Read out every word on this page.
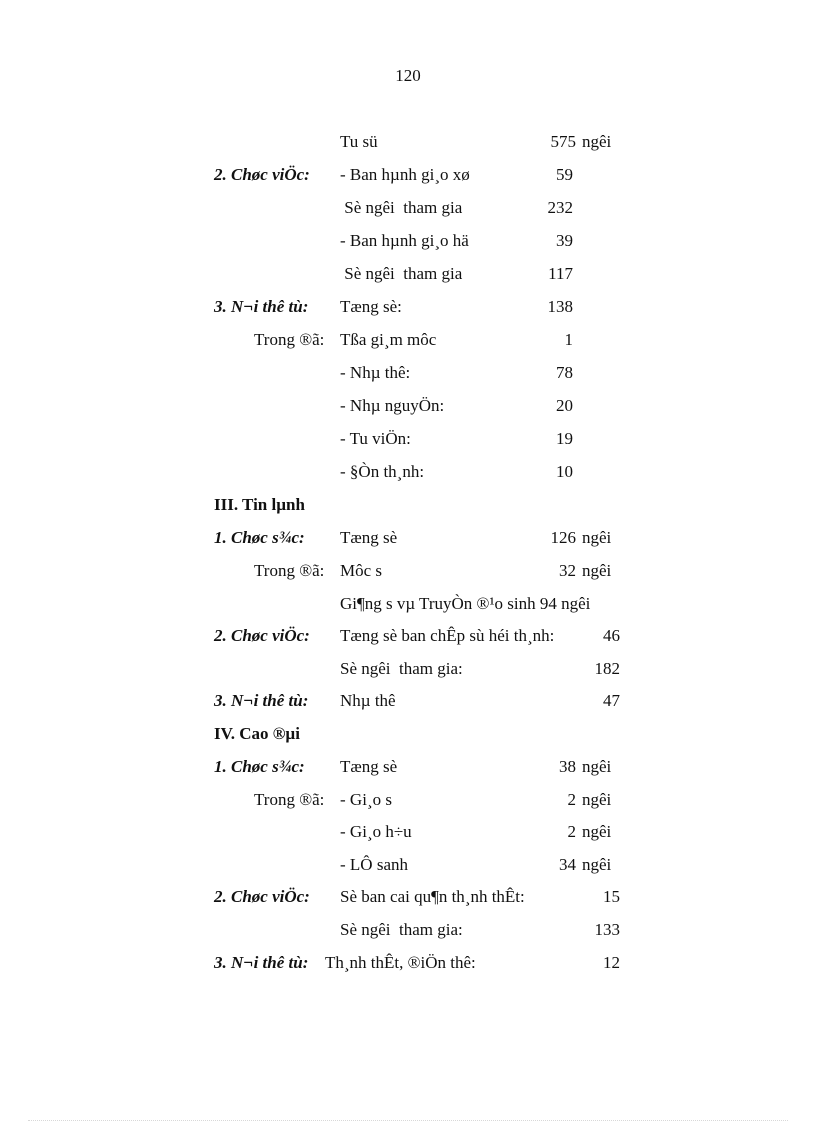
120
Tu sü	575 ngêi
2. Chøc viÖc: - Ban hµnh gi¸o xø	59
Sè ngêi  tham gia	232
- Ban hµnh gi¸o hä	39
Sè ngêi  tham gia	117
3. N¬i thê tù: Tæng sè:	138
Trong ®ã: Tßa gi¸m môc	1
- Nhµ thê:	78
- Nhµ nguyÖn:	20
- Tu viÖn:	19
- §Òn th¸nh:	10
III. Tin lµnh
1. Chøc s¾c: Tæng sè	126 ngêi
Trong ®ã: Môc s	32 ngêi
Gi¶ng s vµ TruyÒn ®¹o sinh 94 ngêi
2. Chøc viÖc: Tæng sè ban chÊp sù héi th¸nh:	46
Sè ngêi  tham gia:	182
3. N¬i thê tù: Nhµ thê	47
IV. Cao ®µi
1. Chøc s¾c: Tæng sè	38 ngêi
Trong ®ã: - Gi¸o s	2 ngêi
- Gi¸o h÷u	2 ngêi
- LÔ sanh	34 ngêi
2. Chøc viÖc: Sè ban cai qu¶n th¸nh thÊt:	15
Sè ngêi  tham gia:	133
3. N¬i thê tù: Th¸nh thÊt, ®iÖn thê:	12
